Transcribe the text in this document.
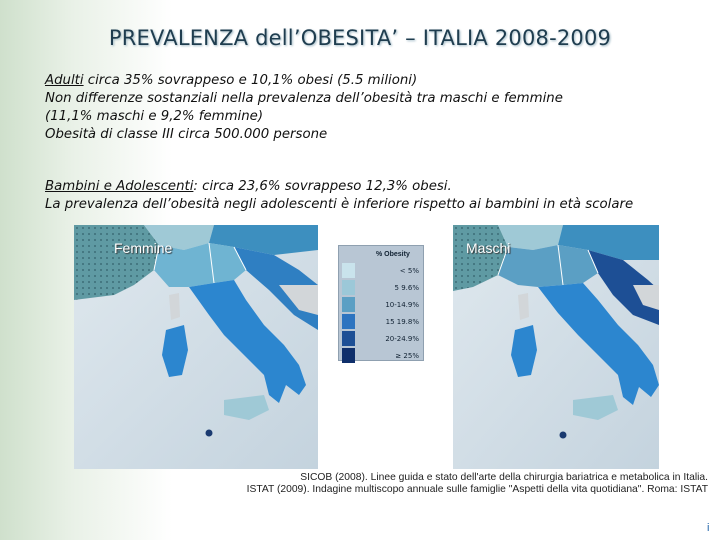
PREVALENZA dell’OBESITA’ – ITALIA 2008-2009

Adulti circa 35% sovrappeso e 10,1% obesi (5.5 milioni)

Non differenze sostanziali nella prevalenza dell’obesità tra maschi e femmine

(11,1% maschi e 9,2% femmine)

Obesità di classe III circa 500.000 persone

Bambini e Adolescenti: circa 23,6% sovrappeso 12,3% obesi.

La prevalenza dell’obesità negli adolescenti è inferiore rispetto ai bambini in età scolare

Femmine	% Obesity
< 5%
5 9.6%
10-14.9%
15 19.8%
20-24.9%
≥ 25%
Maschi
SICOB (2008). Linee guida e stato dell'arte della chirurgia bariatrica e metabolica in Italia.
ISTAT (2009). Indagine multiscopo annuale sulle famiglie "Aspetti della vita quotidiana". Roma: ISTAT
i
